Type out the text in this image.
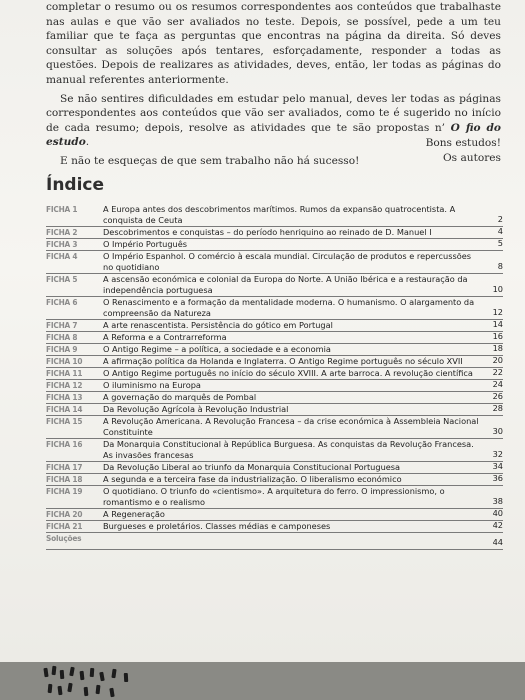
completar o resumo ou os resumos correspondentes aos conteúdos que trabalhaste nas aulas e que vão ser avaliados no teste. Depois, se possível, pede a um teu familiar que te faça as perguntas que encontras na página da direita. Só deves consultar as soluções após tentares, esforçadamente, responder a todas as questões. Depois de realizares as atividades, deves, então, ler todas as páginas do manual referentes anteriormente.

Se não sentires dificuldades em estudar pelo manual, deves ler todas as páginas correspondentes aos conteúdos que vão ser avaliados, como te é sugerido no início de cada resumo; depois, resolve as atividades que te são propostas n’ O fio do estudo.

E não te esqueças de que sem trabalho não há sucesso!

Bons estudos!
Os autores
Índice
FICHA 1	A Europa antes dos descobrimentos marítimos. Rumos da expansão quatrocentista. A conquista de Ceuta	2
FICHA 2	Descobrimentos e conquistas – do período henriquino ao reinado de D. Manuel I	4
FICHA 3	O Império Português	5
FICHA 4	O Império Espanhol. O comércio à escala mundial. Circulação de produtos e repercussões no quotidiano	8
FICHA 5	A ascensão económica e colonial da Europa do Norte. A União Ibérica e a restauração da independência portuguesa	10
FICHA 6	O Renascimento e a formação da mentalidade moderna. O humanismo. O alargamento da compreensão da Natureza	12
FICHA 7	A arte renascentista. Persistência do gótico em Portugal	14
FICHA 8	A Reforma e a Contrarreforma	16
FICHA 9	O Antigo Regime – a política, a sociedade e a economia	18
FICHA 10	A afirmação política da Holanda e Inglaterra. O Antigo Regime português no século XVII	20
FICHA 11	O Antigo Regime português no início do século XVIII. A arte barroca. A revolução científica	22
FICHA 12	O iluminismo na Europa	24
FICHA 13	A governação do marquês de Pombal	26
FICHA 14	Da Revolução Agrícola à Revolução Industrial	28
FICHA 15	A Revolução Americana. A Revolução Francesa – da crise económica à Assembleia Nacional Constituinte	30
FICHA 16	Da Monarquia Constitucional à República Burguesa. As conquistas da Revolução Francesa. As invasões francesas	32
FICHA 17	Da Revolução Liberal ao triunfo da Monarquia Constitucional Portuguesa	34
FICHA 18	A segunda e a terceira fase da industrialização. O liberalismo económico	36
FICHA 19	O quotidiano. O triunfo do «cientismo». A arquitetura do ferro. O impressionismo, o romantismo e o realismo	38
FICHA 20	A Regeneração	40
FICHA 21	Burgueses e proletários. Classes médias e camponeses	42
Soluções	44
